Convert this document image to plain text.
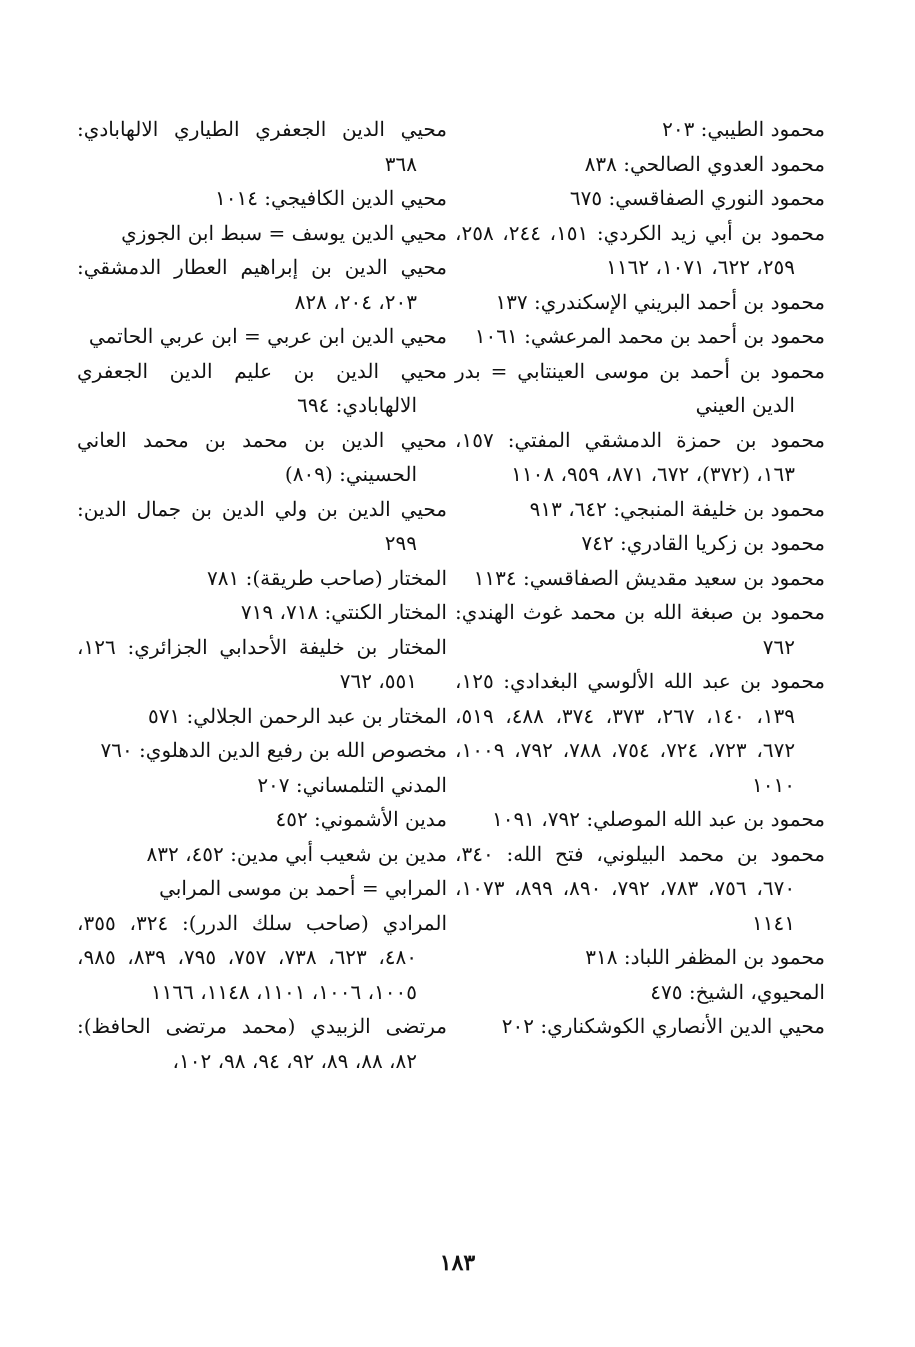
محمود الطيبي: ٢٠٣

محمود العدوي الصالحي: ٨٣٨

محمود النوري الصفاقسي: ٦٧٥

محمود بن أبي زيد الكردي: ١٥١، ٢٤٤، ٢٥٨، ٢٥٩، ٦٢٢، ١٠٧١، ١١٦٢

محمود بن أحمد البريني الإسكندري: ١٣٧

محمود بن أحمد بن محمد المرعشي: ١٠٦١

محمود بن أحمد بن موسى العينتابي = بدر الدين العيني

محمود بن حمزة الدمشقي المفتي: ١٥٧، ١٦٣، (٣٧٢)، ٦٧٢، ٨٧١، ٩٥٩، ١١٠٨

محمود بن خليفة المنبجي: ٦٤٢، ٩١٣

محمود بن زكريا القادري: ٧٤٢

محمود بن سعيد مقديش الصفاقسي: ١١٣٤

محمود بن صبغة الله بن محمد غوث الهندي: ٧٦٢

محمود بن عبد الله الألوسي البغدادي: ١٢٥، ١٣٩، ١٤٠، ٢٦٧، ٣٧٣، ٣٧٤، ٤٨٨، ٥١٩، ٦٧٢، ٧٢٣، ٧٢٤، ٧٥٤، ٧٨٨، ٧٩٢، ١٠٠٩، ١٠١٠

محمود بن عبد الله الموصلي: ٧٩٢، ١٠٩١

محمود بن محمد البيلوني، فتح الله: ٣٤٠، ٦٧٠، ٧٥٦، ٧٨٣، ٧٩٢، ٨٩٠، ٨٩٩، ١٠٧٣، ١١٤١

محمود بن المظفر اللباد: ٣١٨

المحيوي، الشيخ: ٤٧٥

محيي الدين الأنصاري الكوشكناري: ٢٠٢

محيي الدين الجعفري الطياري الالهابادي: ٣٦٨

محيي الدين الكافيجي: ١٠١٤

محيي الدين يوسف = سبط ابن الجوزي

محيي الدين بن إبراهيم العطار الدمشقي: ٢٠٣، ٢٠٤، ٨٢٨

محيي الدين ابن عربي = ابن عربي الحاتمي

محيي الدين بن عليم الدين الجعفري الالهابادي: ٦٩٤

محيي الدين بن محمد بن محمد العاني الحسيني: (٨٠٩)

محيي الدين بن ولي الدين بن جمال الدين: ٢٩٩

المختار (صاحب طريقة): ٧٨١

المختار الكنتي: ٧١٨، ٧١٩

المختار بن خليفة الأحدابي الجزائري: ١٢٦، ٥٥١، ٧٦٢

المختار بن عبد الرحمن الجلالي: ٥٧١

مخصوص الله بن رفيع الدين الدهلوي: ٧٦٠

المدني التلمساني: ٢٠٧

مدين الأشموني: ٤٥٢

مدين بن شعيب أبي مدين: ٤٥٢، ٨٣٢

المرابي = أحمد بن موسى المرابي

المرادي (صاحب سلك الدرر): ٣٢٤، ٣٥٥، ٤٨٠، ٦٢٣، ٧٣٨، ٧٥٧، ٧٩٥، ٨٣٩، ٩٨٥، ١٠٠٥، ١٠٠٦، ١١٠١، ١١٤٨، ١١٦٦

مرتضى الزبيدي (محمد مرتضى الحافظ): ٨٢، ٨٨، ٨٩، ٩٢، ٩٤، ٩٨، ١٠٢،

١٨٣
